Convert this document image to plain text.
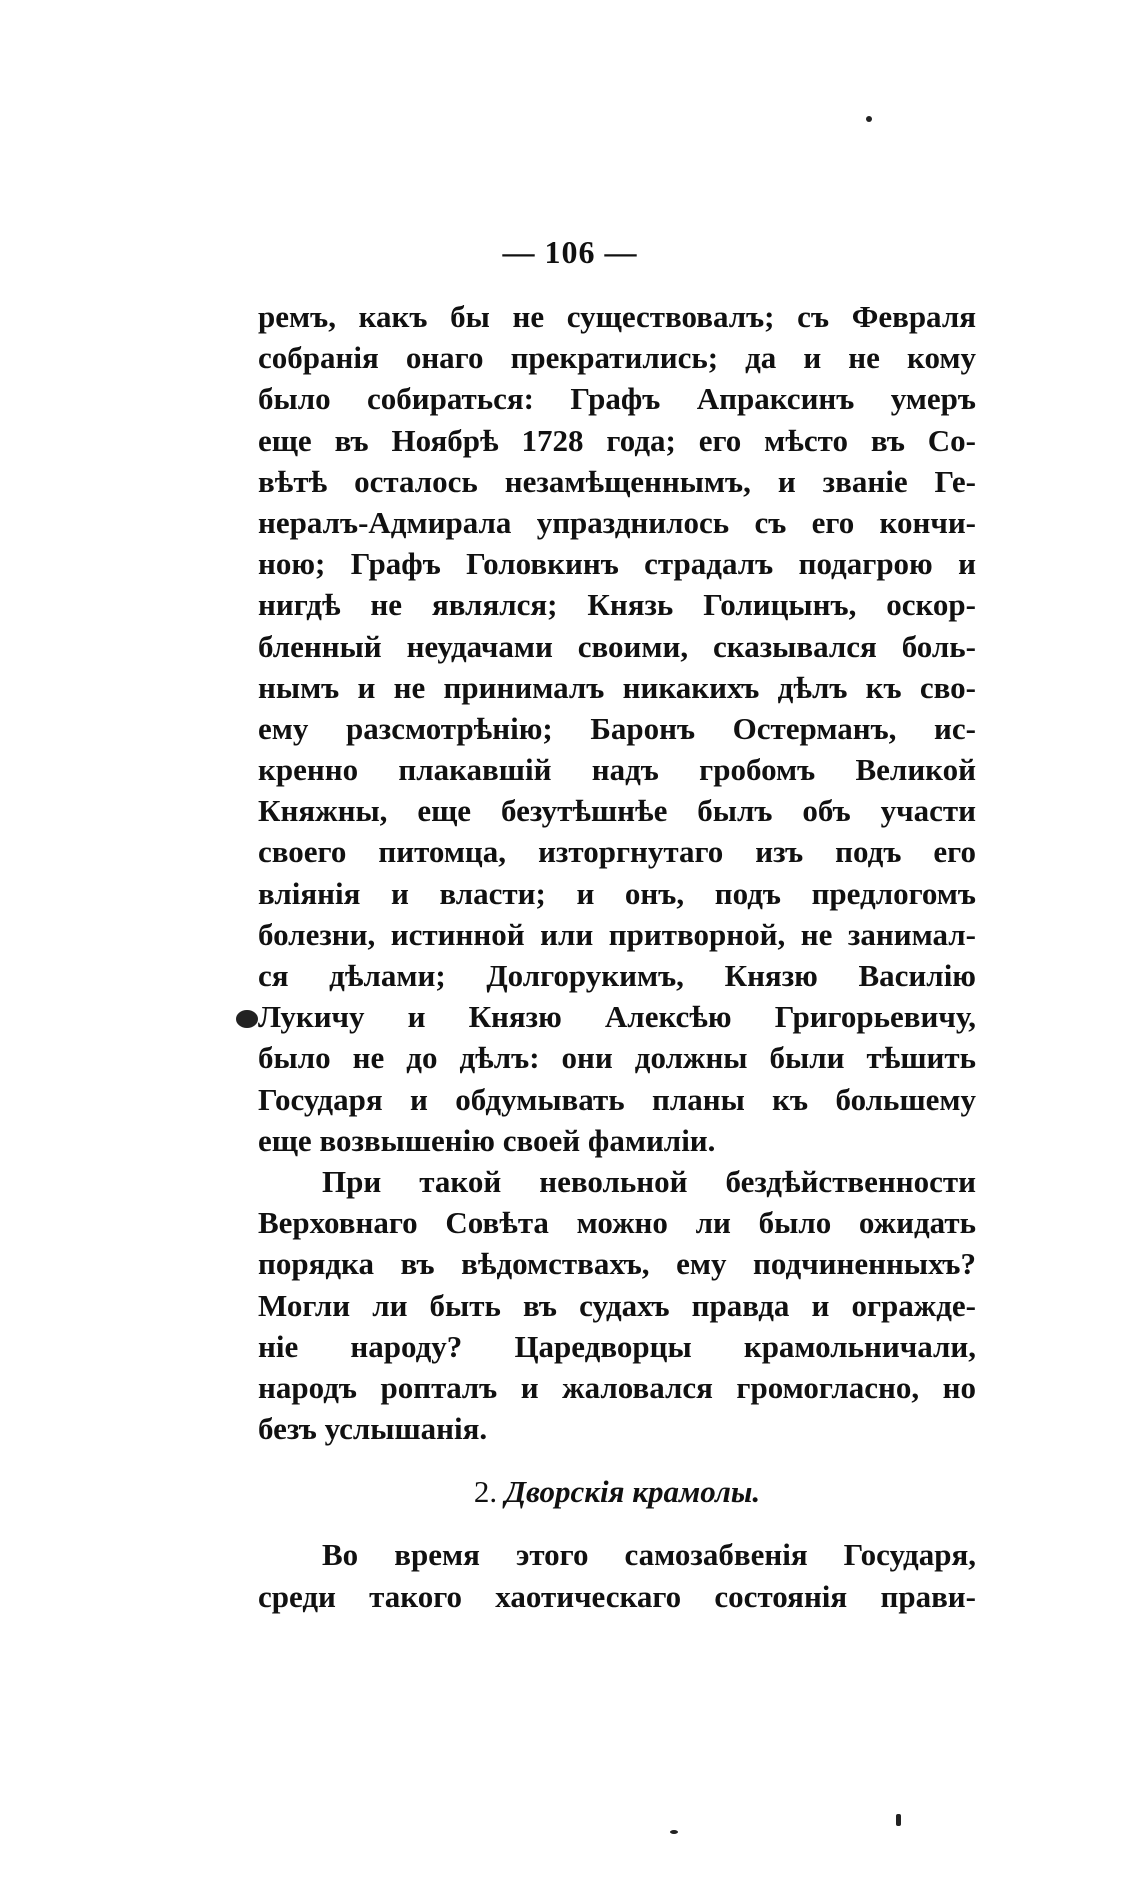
— 106 —
ремъ, какъ бы не существовалъ; съ Февраля
собранія онаго прекратились; да и не кому
было собираться: Графъ Апраксинъ умеръ
еще въ Ноябрѣ 1728 года; его мѣсто въ Со-
вѣтѣ осталось незамѣщеннымъ, и званіе Ге-
нералъ-Адмирала упразднилось съ его кончи-
ною; Графъ Головкинъ страдалъ подагрою и
нигдѣ не являлся; Князь Голицынъ, оскор-
бленный неудачами своими, сказывался боль-
нымъ и не принималъ никакихъ дѣлъ къ сво-
ему разсмотрѣнію; Баронъ Остерманъ, ис-
кренно плакавшій надъ гробомъ Великой
Княжны, еще безутѣшнѣе былъ объ участи
своего питомца, изторгнутаго изъ подъ его
вліянія и власти; и онъ, подъ предлогомъ
болезни, истинной или притворной, не занимал-
ся дѣлами; Долгорукимъ, Князю Василію
Лукичу и Князю Алексѣю Григорьевичу,
было не до дѣлъ: они должны были тѣшить
Государя и обдумывать планы къ большему
еще возвышенію своей фамиліи.
При такой невольной бездѣйственности
Верховнаго Совѣта можно ли было ожидать
порядка въ вѣдомствахъ, ему подчиненныхъ?
Могли ли быть въ судахъ правда и огражде-
ніе народу? Царедворцы крамольничали,
народъ роптaлъ и жаловался громогласно, но
безъ услышанія.
2. Дворскія крамолы.
Во время этого самозабвенія Государя,
среди такого хаотическаго состоянія прави-
